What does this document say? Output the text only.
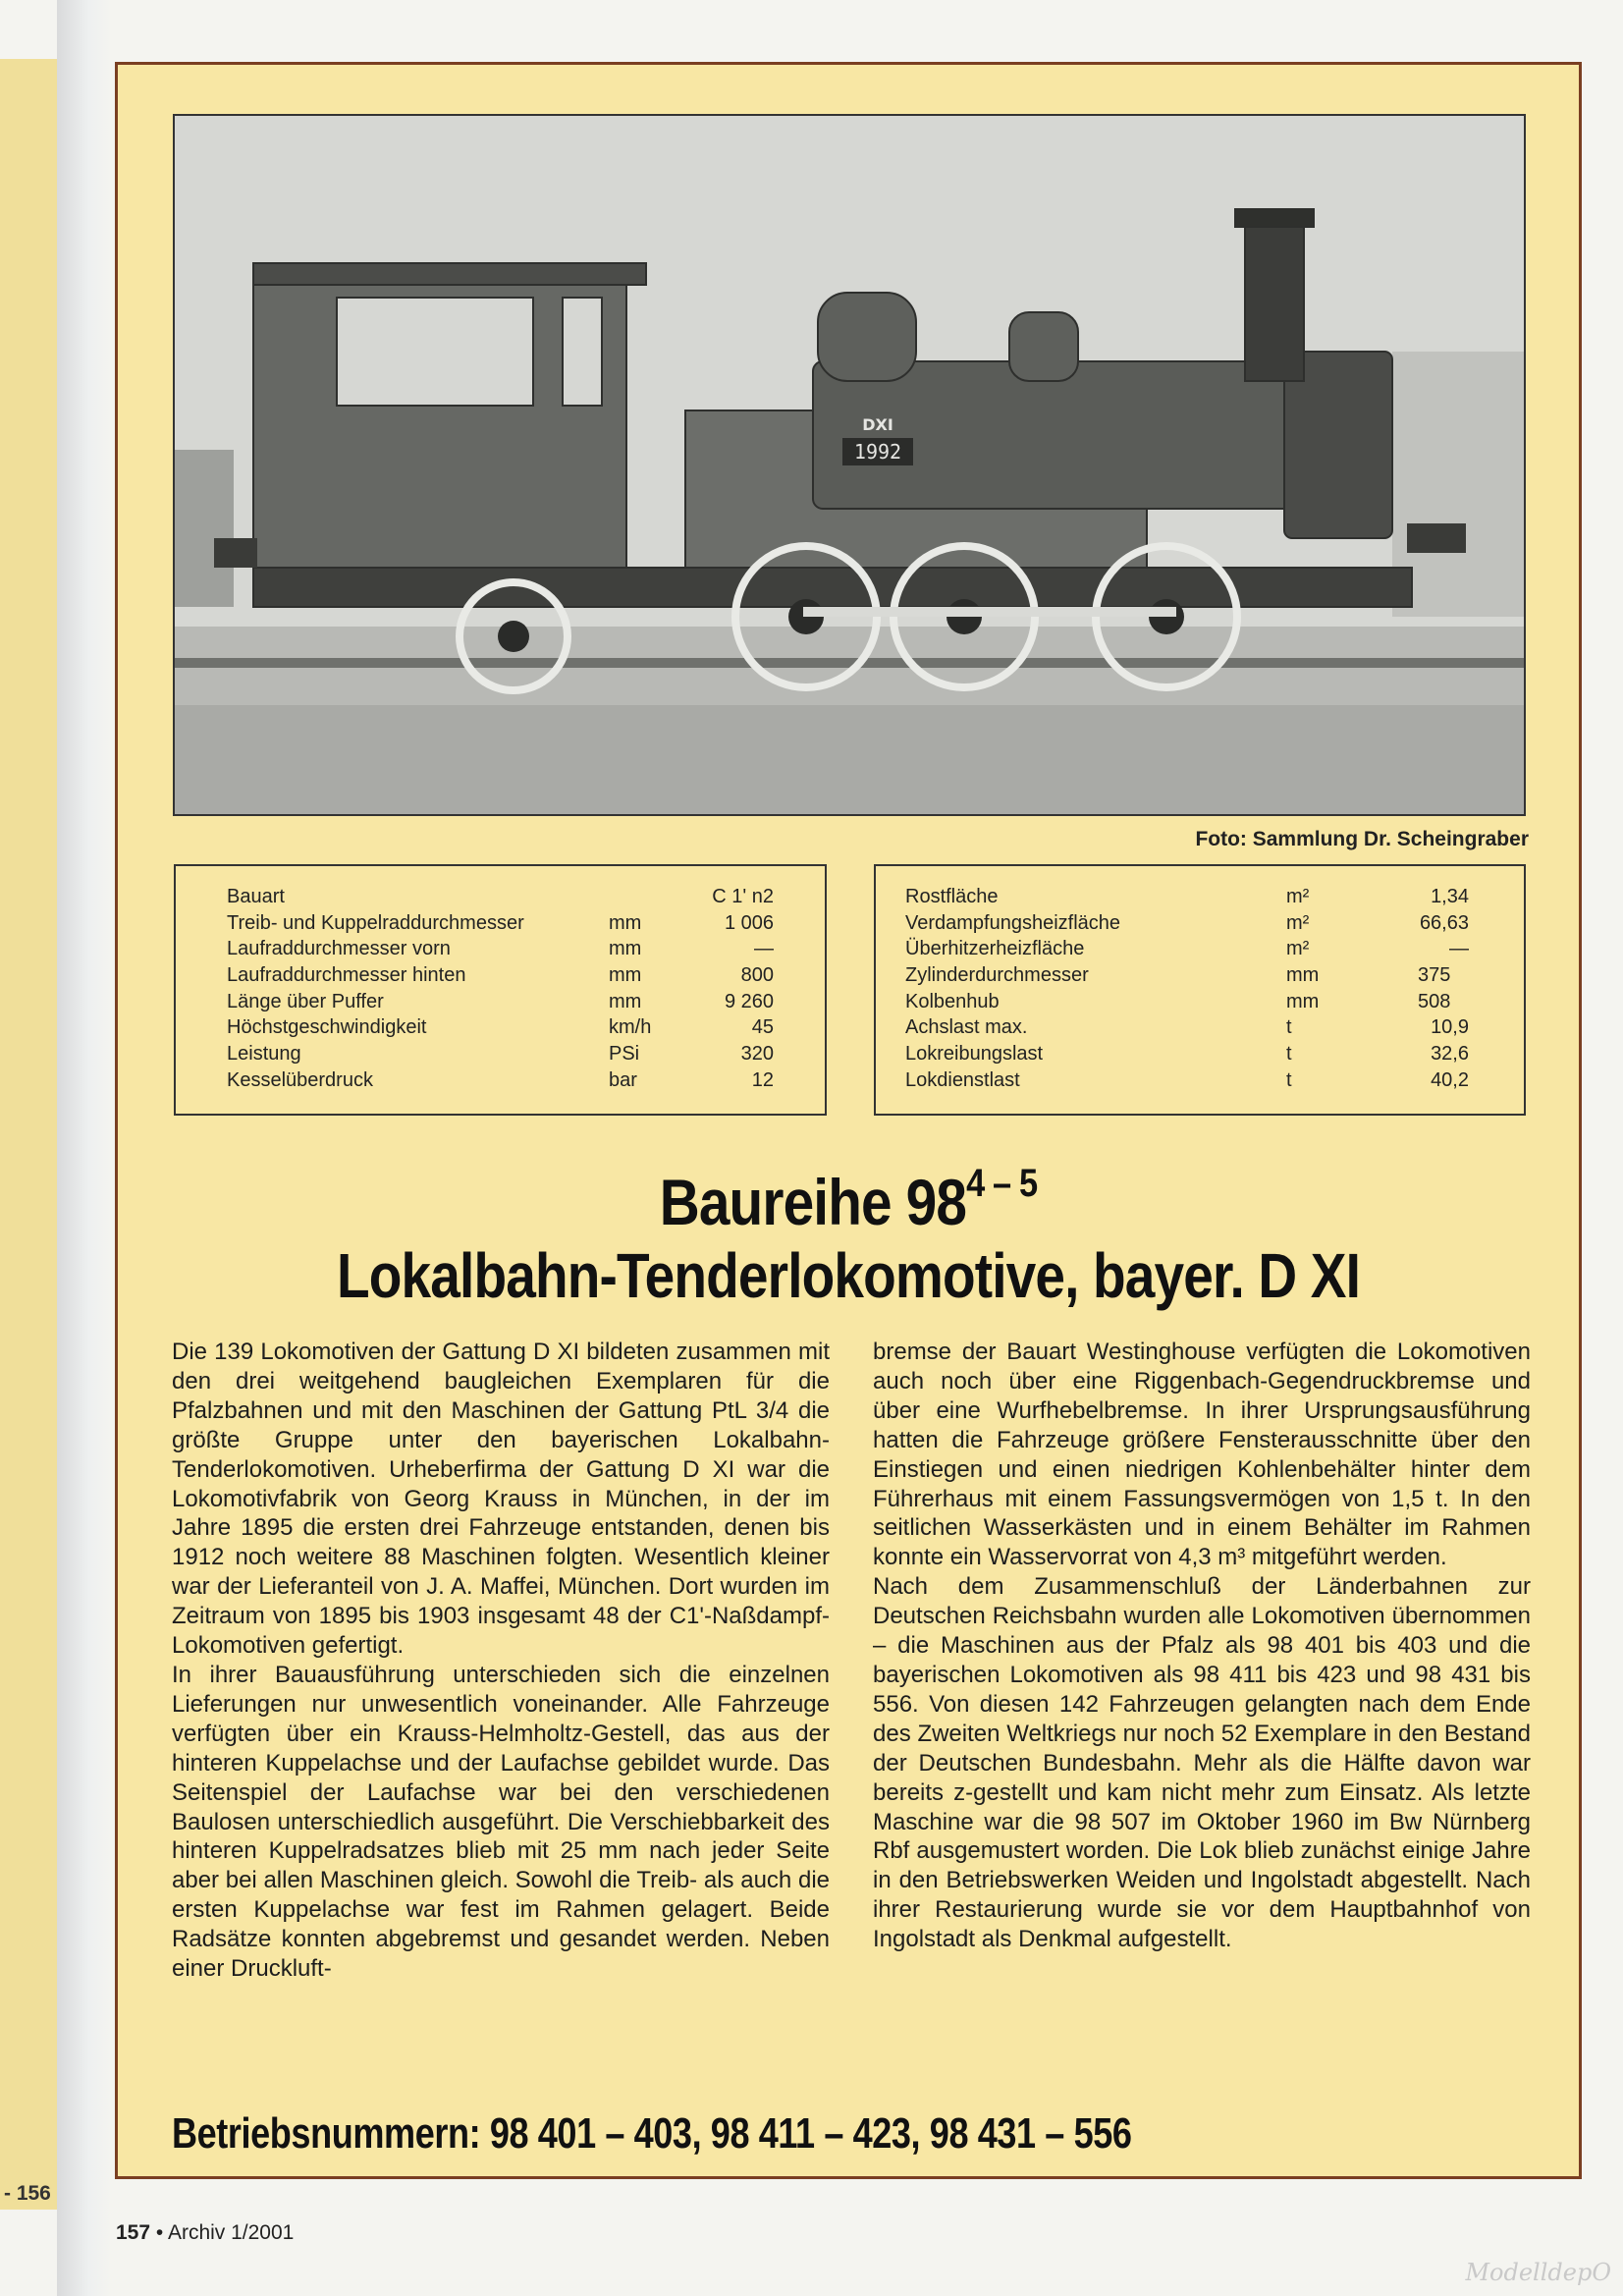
- 156
1992
DXI
Foto: Sammlung Dr. Scheingraber
Bauart	C 1' n2
Treib- und Kuppelraddurchmesser	mm	1 006
Laufraddurchmesser vorn	mm	—
Laufraddurchmesser hinten	mm	800
Länge über Puffer	mm	9 260
Höchstgeschwindigkeit	km/h	45
Leistung	PSi	320
Kesselüberdruck	bar	12
Rostfläche	m²	1,34
Verdampfungsheizfläche	m²	66,63
Überhitzerheizfläche	m²	—
Zylinderdurchmesser	mm	375
Kolbenhub	mm	508
Achslast max.	t	10,9
Lokreibungslast	t	32,6
Lokdienstlast	t	40,2
Baureihe 98$^{4 - 5}$
Lokalbahn-Tenderlokomotive, bayer. D XI

Die 139 Lokomotiven der Gattung D XI bildeten zusammen mit den drei weitgehend baugleichen Exemplaren für die Pfalzbahnen und mit den Maschinen der Gattung PtL 3/4 die größte Gruppe unter den bayerischen Lokalbahn-Tenderlokomotiven. Urheberfirma der Gattung D XI war die Lokomotivfabrik von Georg Krauss in München, in der im Jahre 1895 die ersten drei Fahrzeuge entstanden, denen bis 1912 noch weitere 88 Maschinen folgten. Wesentlich kleiner war der Lieferanteil von J. A. Maffei, München. Dort wurden im Zeitraum von 1895 bis 1903 insgesamt 48 der C1'-Naßdampf-Lokomotiven gefertigt.

In ihrer Bauausführung unterschieden sich die einzelnen Lieferungen nur unwesentlich voneinander. Alle Fahrzeuge verfügten über ein Krauss-Helmholtz-Gestell, das aus der hinteren Kuppelachse und der Laufachse gebildet wurde. Das Seitenspiel der Laufachse war bei den verschiedenen Baulosen unterschiedlich ausgeführt. Die Verschiebbarkeit des hinteren Kuppelradsatzes blieb mit 25 mm nach jeder Seite aber bei allen Maschinen gleich. Sowohl die Treib- als auch die ersten Kuppelachse war fest im Rahmen gelagert. Beide Radsätze konnten abgebremst und gesandet werden. Neben einer Druckluft-

bremse der Bauart Westinghouse verfügten die Lokomotiven auch noch über eine Riggenbach-Gegendruckbremse und über eine Wurfhebelbremse. In ihrer Ursprungsausführung hatten die Fahrzeuge größere Fensterausschnitte über den Einstiegen und einen niedrigen Kohlenbehälter hinter dem Führerhaus mit einem Fassungsvermögen von 1,5 t. In den seitlichen Wasserkästen und in einem Behälter im Rahmen konnte ein Wasservorrat von 4,3 m³ mitgeführt werden.

Nach dem Zusammenschluß der Länderbahnen zur Deutschen Reichsbahn wurden alle Lokomotiven übernommen – die Maschinen aus der Pfalz als 98 401 bis 403 und die bayerischen Lokomotiven als 98 411 bis 423 und 98 431 bis 556. Von diesen 142 Fahrzeugen gelangten nach dem Ende des Zweiten Weltkriegs nur noch 52 Exemplare in den Bestand der Deutschen Bundesbahn. Mehr als die Hälfte davon war bereits z-gestellt und kam nicht mehr zum Einsatz. Als letzte Maschine war die 98 507 im Oktober 1960 im Bw Nürnberg Rbf ausgemustert worden. Die Lok blieb zunächst einige Jahre in den Betriebswerken Weiden und Ingolstadt abgestellt. Nach ihrer Restaurierung wurde sie vor dem Hauptbahnhof von Ingolstadt als Denkmal aufgestellt.

Betriebsnummern: 98 401 – 403, 98 411 – 423, 98 431 – 556
157 • Archiv 1/2001
ModelldepO
